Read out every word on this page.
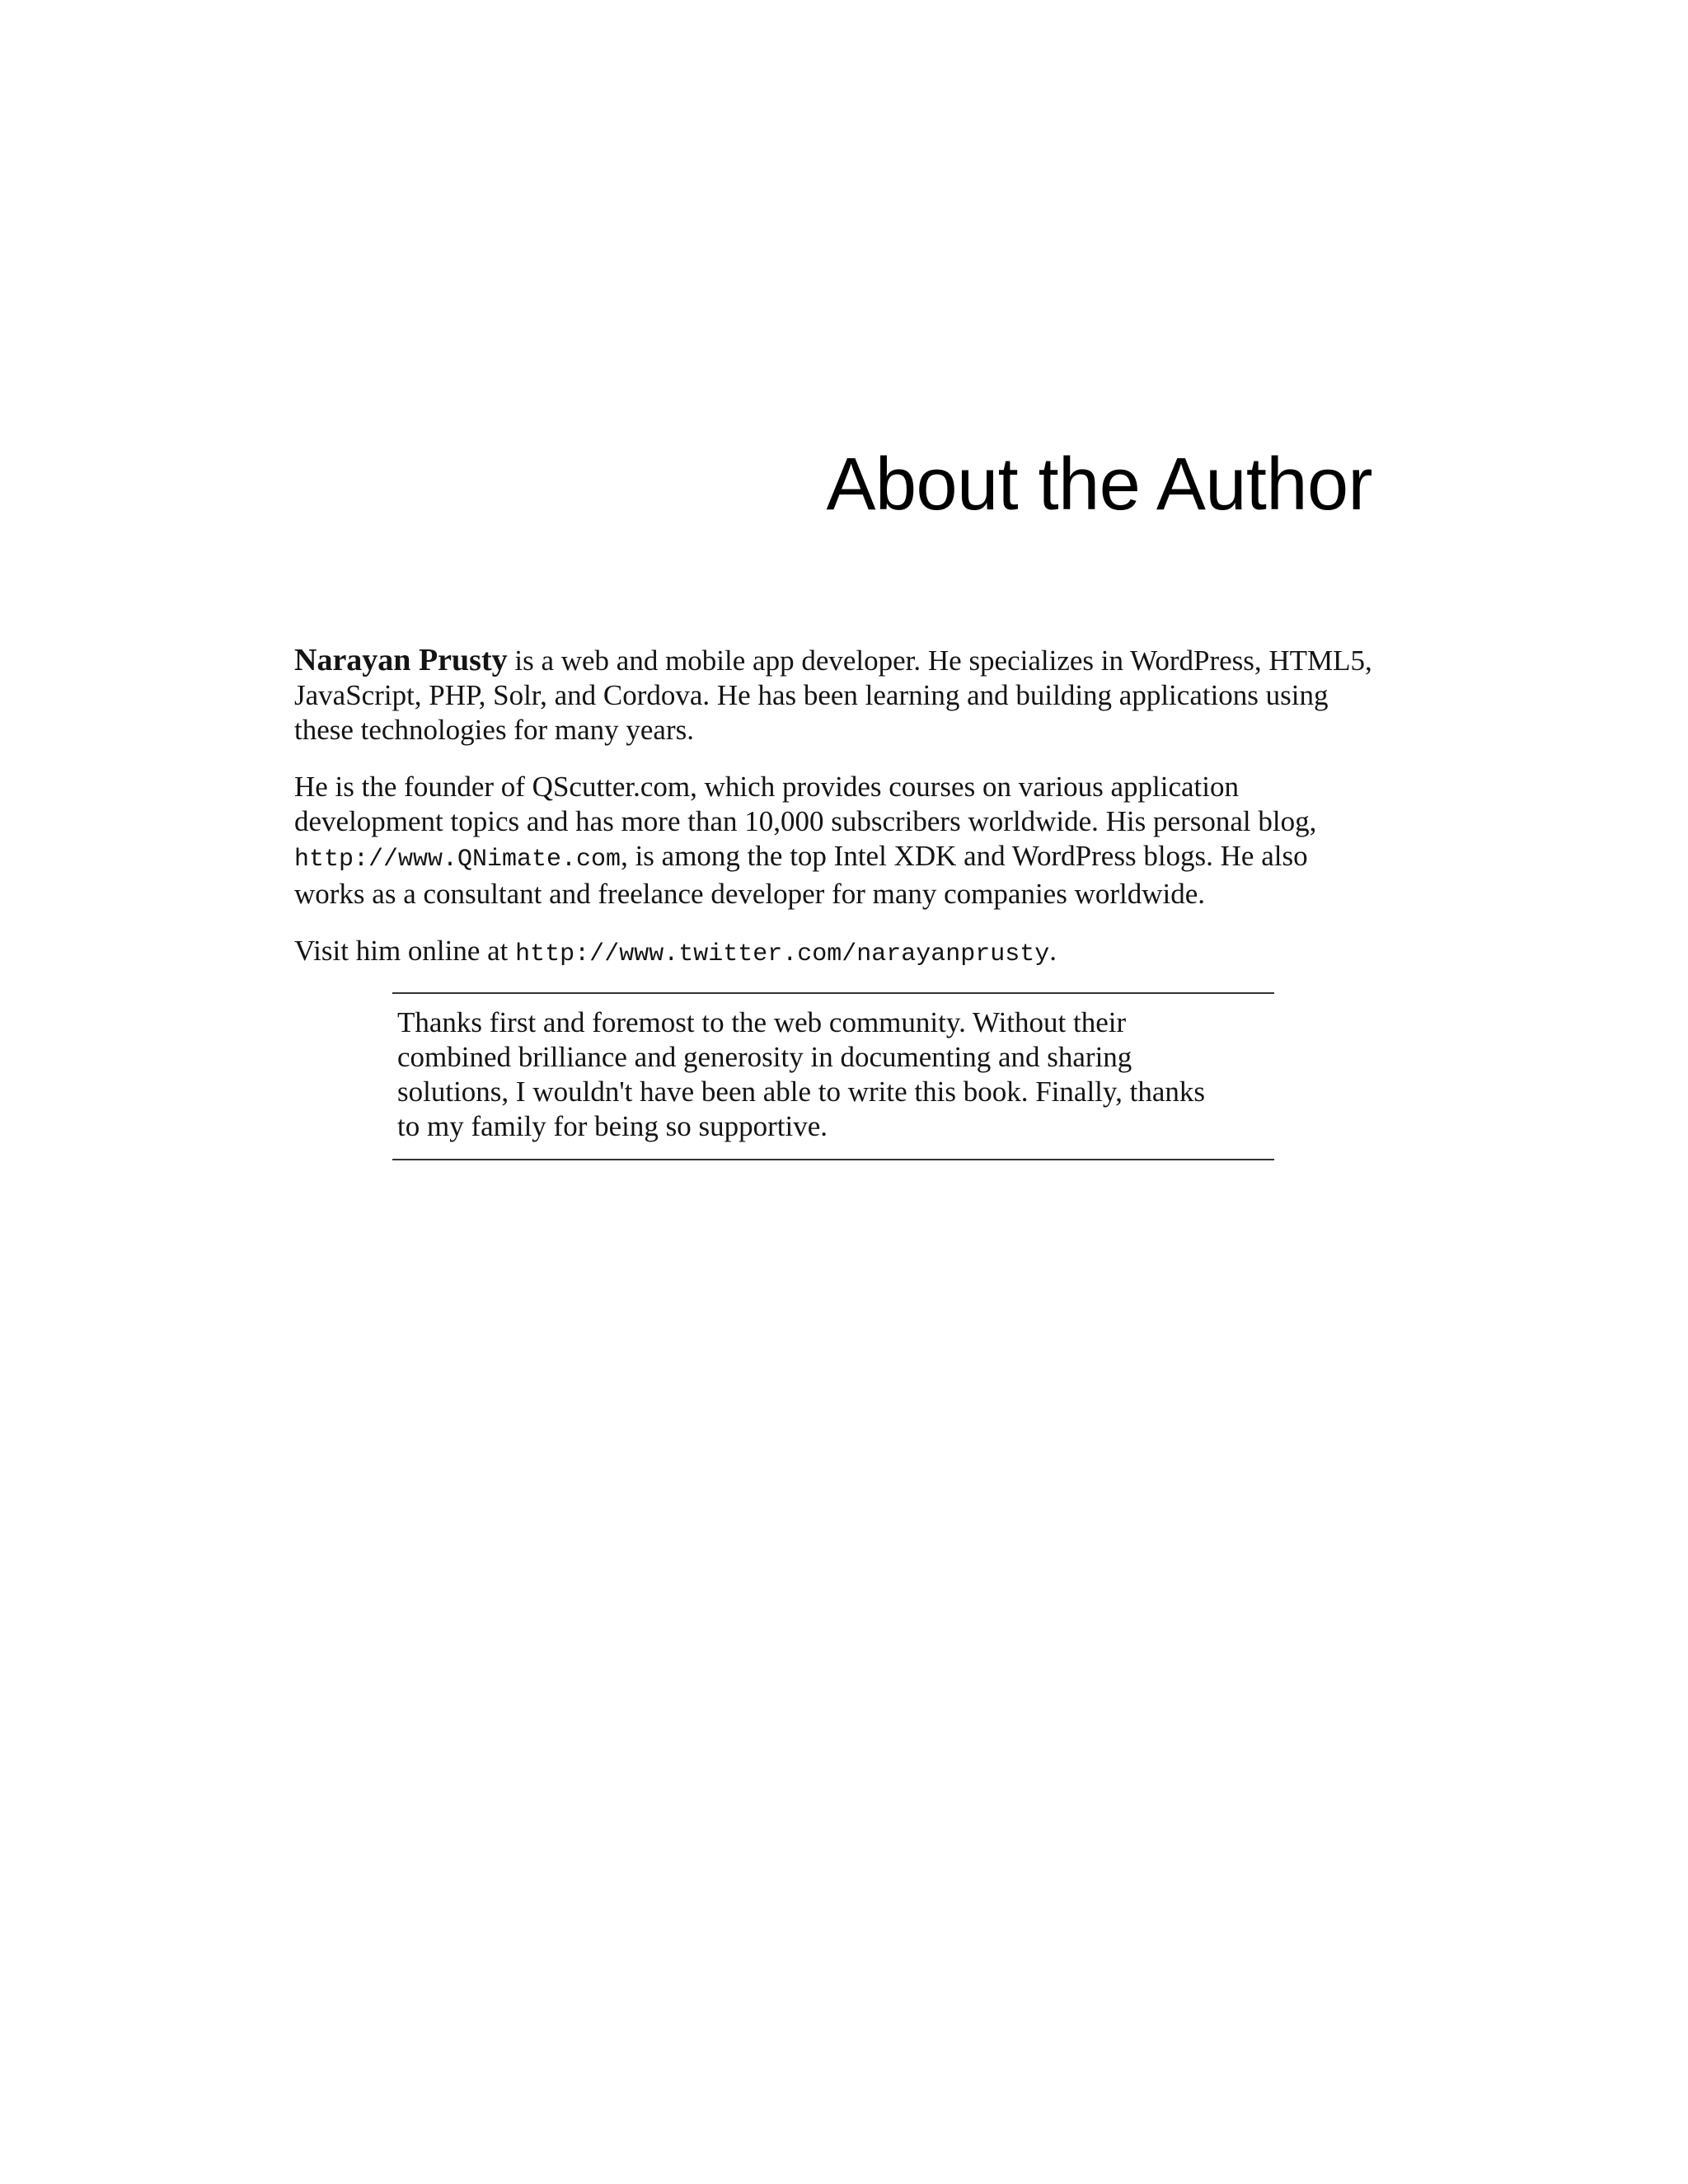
About the Author

Narayan Prusty is a web and mobile app developer. He specializes in WordPress, HTML5, JavaScript, PHP, Solr, and Cordova. He has been learning and building applications using these technologies for many years.

He is the founder of QScutter.com, which provides courses on various application development topics and has more than 10,000 subscribers worldwide. His personal blog, http://www.QNimate.com, is among the top Intel XDK and WordPress blogs. He also works as a consultant and freelance developer for many companies worldwide.

Visit him online at http://www.twitter.com/narayanprusty.

Thanks first and foremost to the web community. Without their combined brilliance and generosity in documenting and sharing solutions, I wouldn't have been able to write this book. Finally, thanks to my family for being so supportive.
